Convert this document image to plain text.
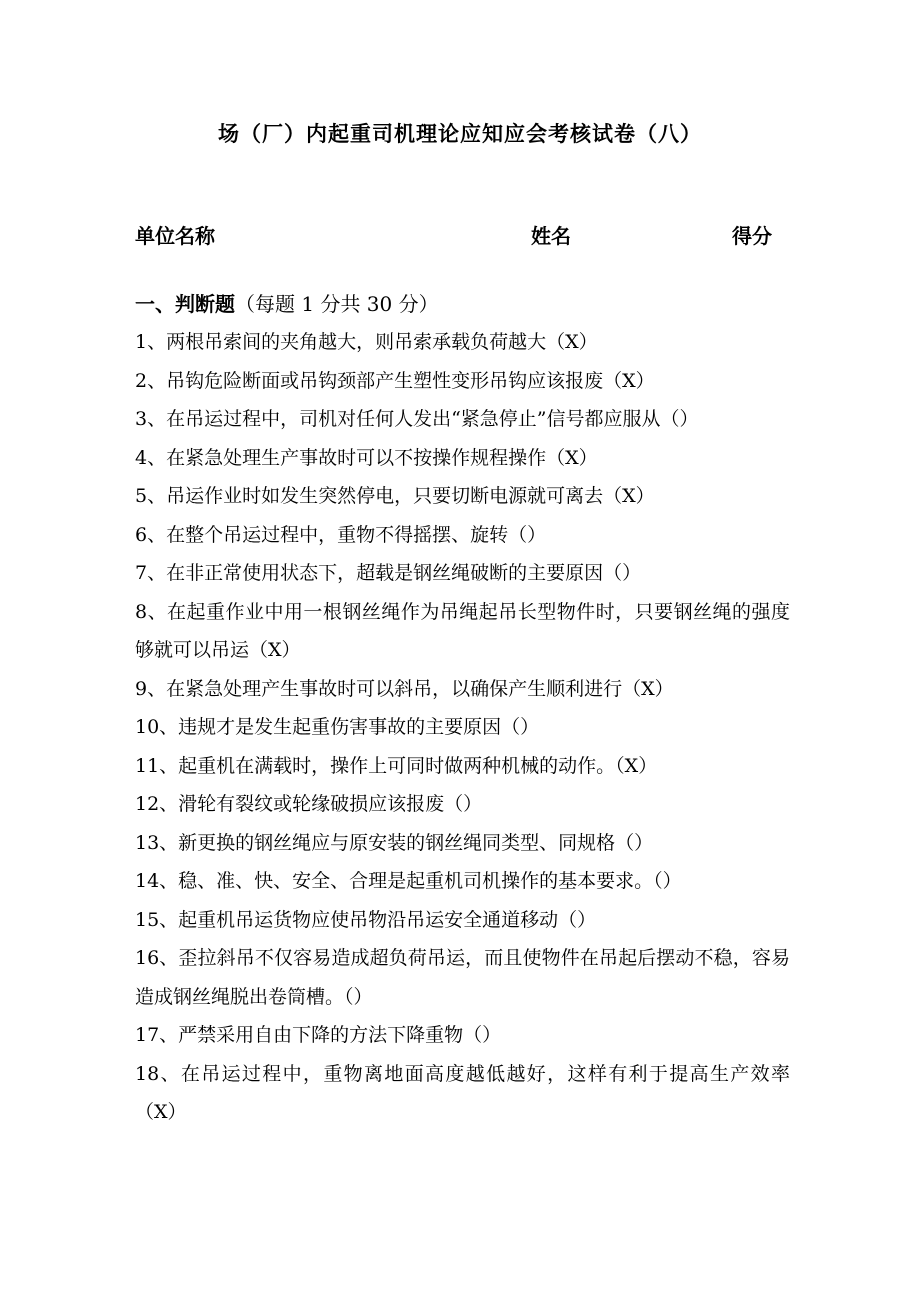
场（厂）内起重司机理论应知应会考核试卷（八）
单位名称	姓名	得分
一、判断题（每题 1 分共 30 分）
1、两根吊索间的夹角越大，则吊索承载负荷越大（X）
2、吊钩危险断面或吊钩颈部产生塑性变形吊钩应该报废（X）
3、在吊运过程中，司机对任何人发出“紧急停止”信号都应服从（）
4、在紧急处理生产事故时可以不按操作规程操作（X）
5、吊运作业时如发生突然停电，只要切断电源就可离去（X）
6、在整个吊运过程中，重物不得摇摆、旋转（）
7、在非正常使用状态下，超载是钢丝绳破断的主要原因（）
8、在起重作业中用一根钢丝绳作为吊绳起吊长型物件时，只要钢丝绳的强度够就可以吊运（X）
9、在紧急处理产生事故时可以斜吊，以确保产生顺利进行（X）
10、违规才是发生起重伤害事故的主要原因（）
11、起重机在满载时，操作上可同时做两种机械的动作。（X）
12、滑轮有裂纹或轮缘破损应该报废（）
13、新更换的钢丝绳应与原安装的钢丝绳同类型、同规格（）
14、稳、准、快、安全、合理是起重机司机操作的基本要求。（）
15、起重机吊运货物应使吊物沿吊运安全通道移动（）
16、歪拉斜吊不仅容易造成超负荷吊运，而且使物件在吊起后摆动不稳，容易造成钢丝绳脱出卷筒槽。（）
17、严禁采用自由下降的方法下降重物（）
18、在吊运过程中，重物离地面高度越低越好，这样有利于提高生产效率（X）
